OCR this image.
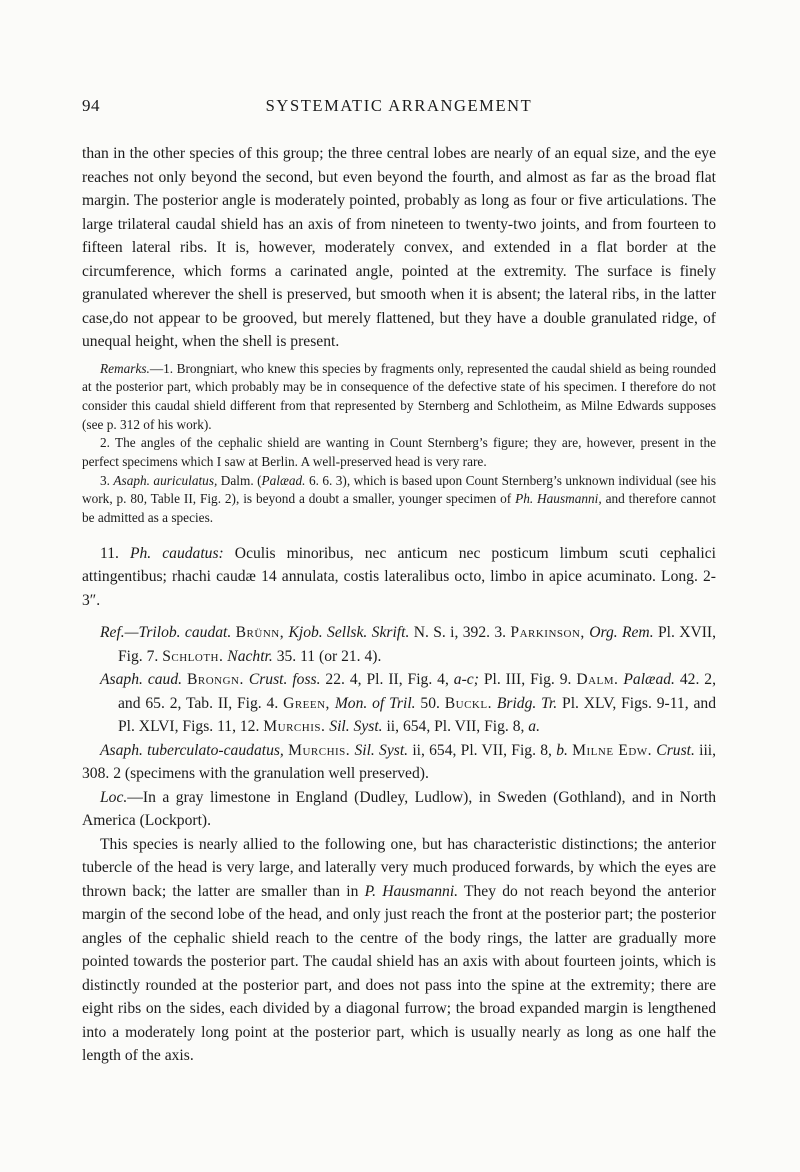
94	SYSTEMATIC ARRANGEMENT

than in the other species of this group; the three central lobes are nearly of an equal size, and the eye reaches not only beyond the second, but even beyond the fourth, and almost as far as the broad flat margin. The posterior angle is moderately pointed, probably as long as four or five articulations. The large trilateral caudal shield has an axis of from nineteen to twenty-two joints, and from fourteen to fifteen lateral ribs. It is, however, moderately convex, and extended in a flat border at the circumference, which forms a carinated angle, pointed at the extremity. The surface is finely granulated wherever the shell is preserved, but smooth when it is absent; the lateral ribs, in the latter case,do not appear to be grooved, but merely flattened, but they have a double granulated ridge, of unequal height, when the shell is present.

Remarks.—1. Brongniart, who knew this species by fragments only, represented the caudal shield as being rounded at the posterior part, which probably may be in consequence of the defective state of his specimen. I therefore do not consider this caudal shield different from that represented by Sternberg and Schlotheim, as Milne Edwards supposes (see p. 312 of his work).

2. The angles of the cephalic shield are wanting in Count Sternberg’s figure; they are, however, present in the perfect specimens which I saw at Berlin. A well-preserved head is very rare.

3. Asaph. auriculatus, Dalm. (Palæad. 6. 6. 3), which is based upon Count Sternberg’s unknown individual (see his work, p. 80, Table II, Fig. 2), is beyond a doubt a smaller, younger specimen of Ph. Hausmanni, and therefore cannot be admitted as a species.

11. Ph. caudatus: Oculis minoribus, nec anticum nec posticum limbum scuti cephalici attingentibus; rhachi caudæ 14 annulata, costis lateralibus octo, limbo in apice acuminato. Long. 2-3″.

Ref.—Trilob. caudat. Brünn, Kjob. Sellsk. Skrift. N. S. i, 392. 3. Parkinson, Org. Rem. Pl. XVII, Fig. 7. Schloth. Nachtr. 35. 11 (or 21. 4).

Asaph. caud. Brongn. Crust. foss. 22. 4, Pl. II, Fig. 4, a-c; Pl. III, Fig. 9. Dalm. Palæad. 42. 2, and 65. 2, Tab. II, Fig. 4. Green, Mon. of Tril. 50. Buckl. Bridg. Tr. Pl. XLV, Figs. 9-11, and Pl. XLVI, Figs. 11, 12. Murchis. Sil. Syst. ii, 654, Pl. VII, Fig. 8, a.

Asaph. tuberculato-caudatus, Murchis. Sil. Syst. ii, 654, Pl. VII, Fig. 8, b. Milne Edw. Crust. iii, 308. 2 (specimens with the granulation well preserved).

Loc.—In a gray limestone in England (Dudley, Ludlow), in Sweden (Gothland), and in North America (Lockport).

This species is nearly allied to the following one, but has characteristic distinctions; the anterior tubercle of the head is very large, and laterally very much produced forwards, by which the eyes are thrown back; the latter are smaller than in P. Hausmanni. They do not reach beyond the anterior margin of the second lobe of the head, and only just reach the front at the posterior part; the posterior angles of the cephalic shield reach to the centre of the body rings, the latter are gradually more pointed towards the posterior part. The caudal shield has an axis with about fourteen joints, which is distinctly rounded at the posterior part, and does not pass into the spine at the extremity; there are eight ribs on the sides, each divided by a diagonal furrow; the broad expanded margin is lengthened into a moderately long point at the posterior part, which is usually nearly as long as one half the length of the axis.
